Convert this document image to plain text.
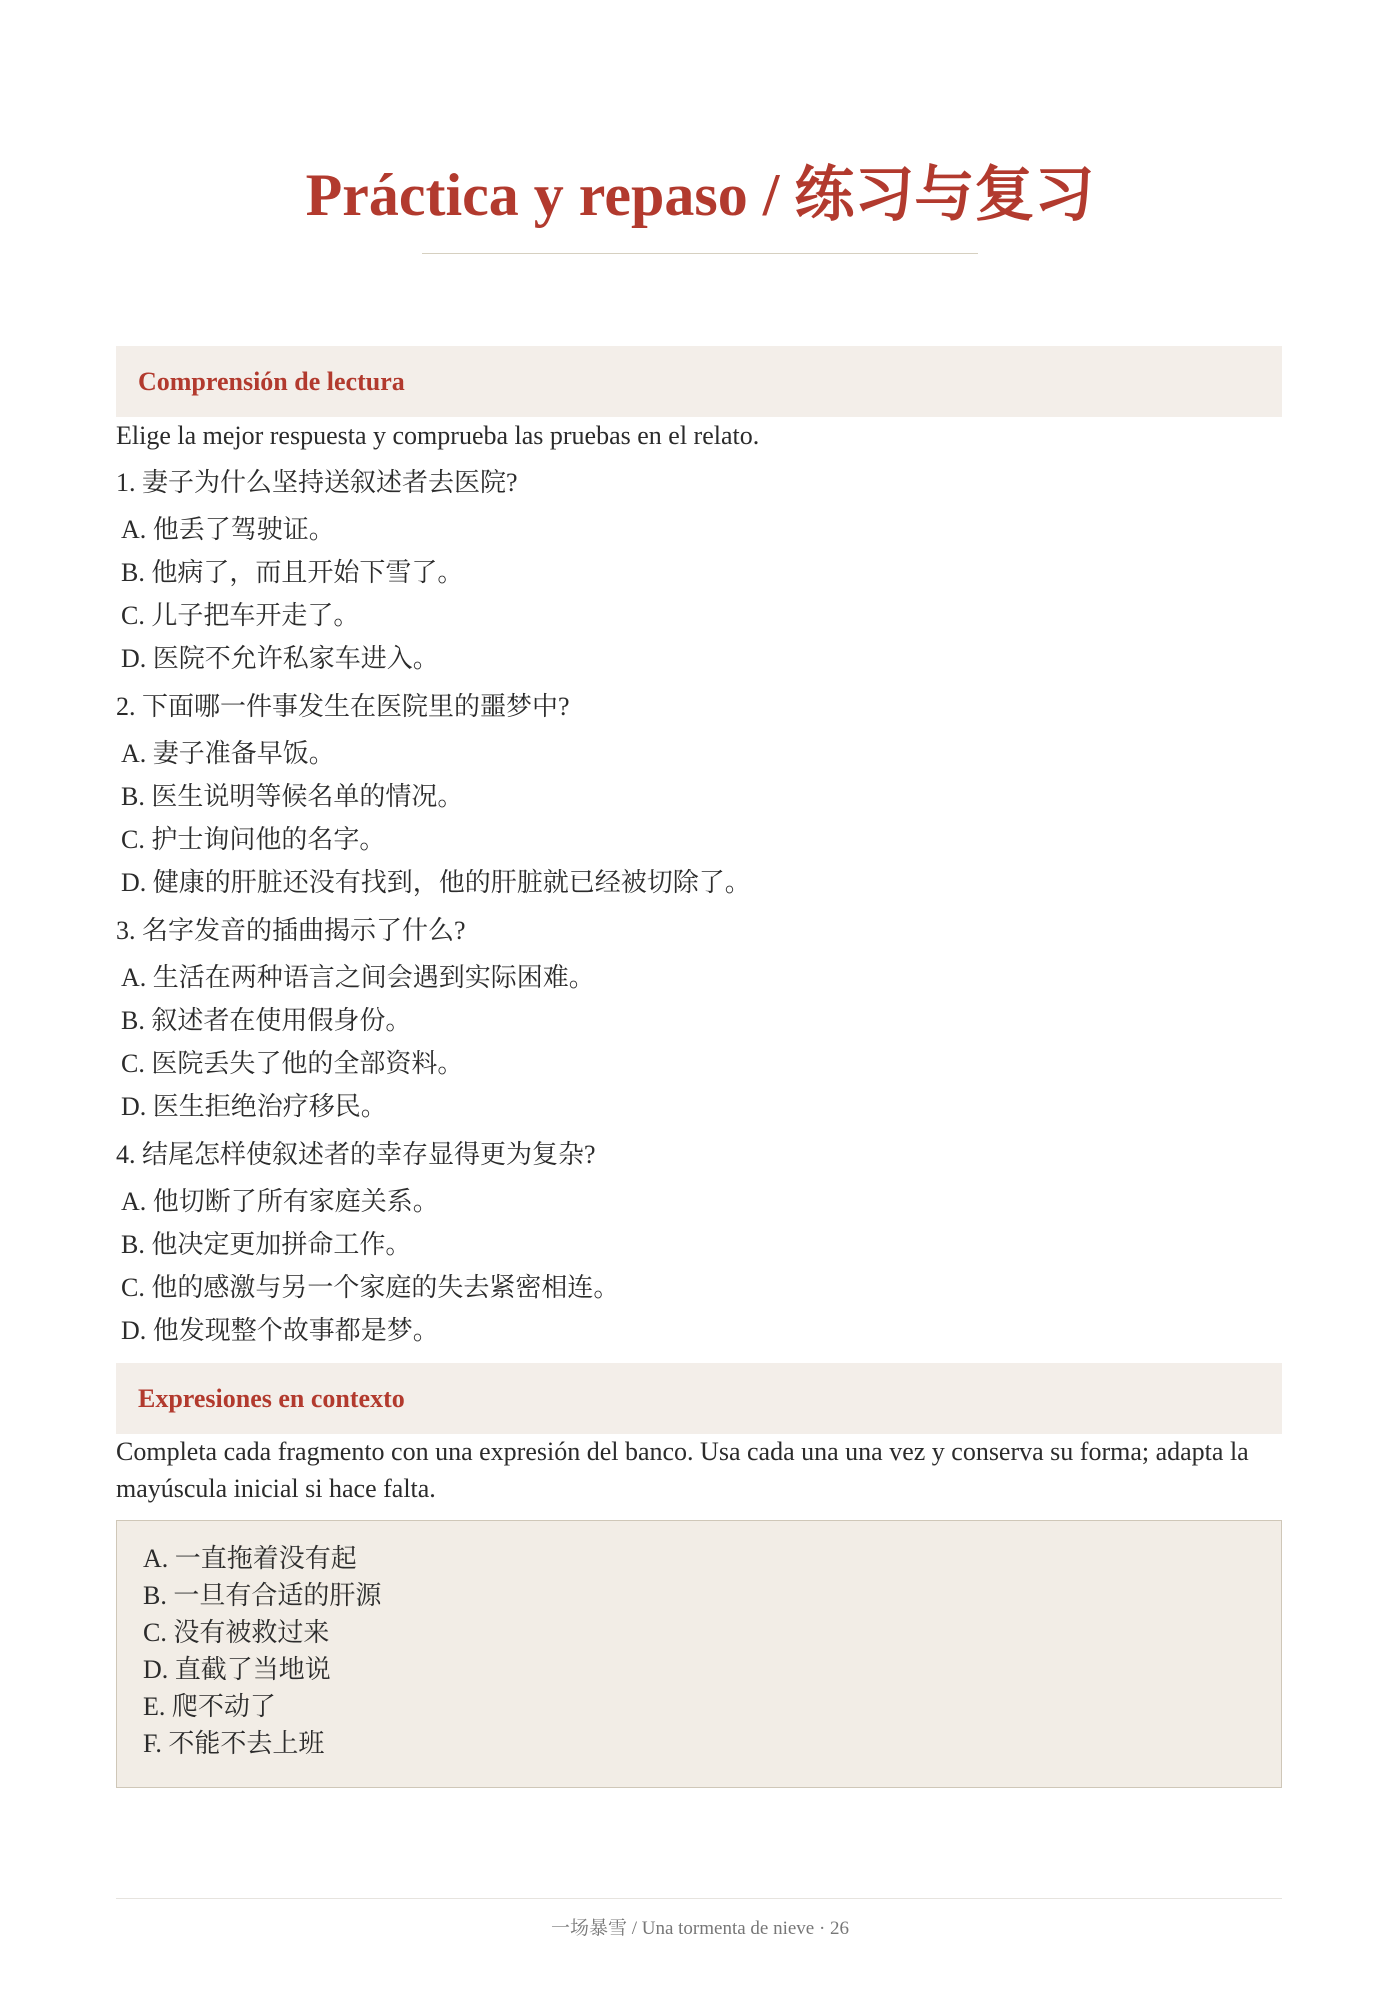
Práctica y repaso / 练习与复习
Comprensión de lectura
Elige la mejor respuesta y comprueba las pruebas en el relato.
1. 妻子为什么坚持送叙述者去医院?
A. 他丢了驾驶证。
B. 他病了，而且开始下雪了。
C. 儿子把车开走了。
D. 医院不允许私家车进入。
2. 下面哪一件事发生在医院里的噩梦中?
A. 妻子准备早饭。
B. 医生说明等候名单的情况。
C. 护士询问他的名字。
D. 健康的肝脏还没有找到，他的肝脏就已经被切除了。
3. 名字发音的插曲揭示了什么?
A. 生活在两种语言之间会遇到实际困难。
B. 叙述者在使用假身份。
C. 医院丢失了他的全部资料。
D. 医生拒绝治疗移民。
4. 结尾怎样使叙述者的幸存显得更为复杂?
A. 他切断了所有家庭关系。
B. 他决定更加拼命工作。
C. 他的感激与另一个家庭的失去紧密相连。
D. 他发现整个故事都是梦。
Expresiones en contexto
Completa cada fragmento con una expresión del banco. Usa cada una una vez y conserva su forma; adapta la mayúscula inicial si hace falta.
A. 一直拖着没有起
B. 一旦有合适的肝源
C. 没有被救过来
D. 直截了当地说
E. 爬不动了
F. 不能不去上班
一场暴雪 / Una tormenta de nieve · 26
